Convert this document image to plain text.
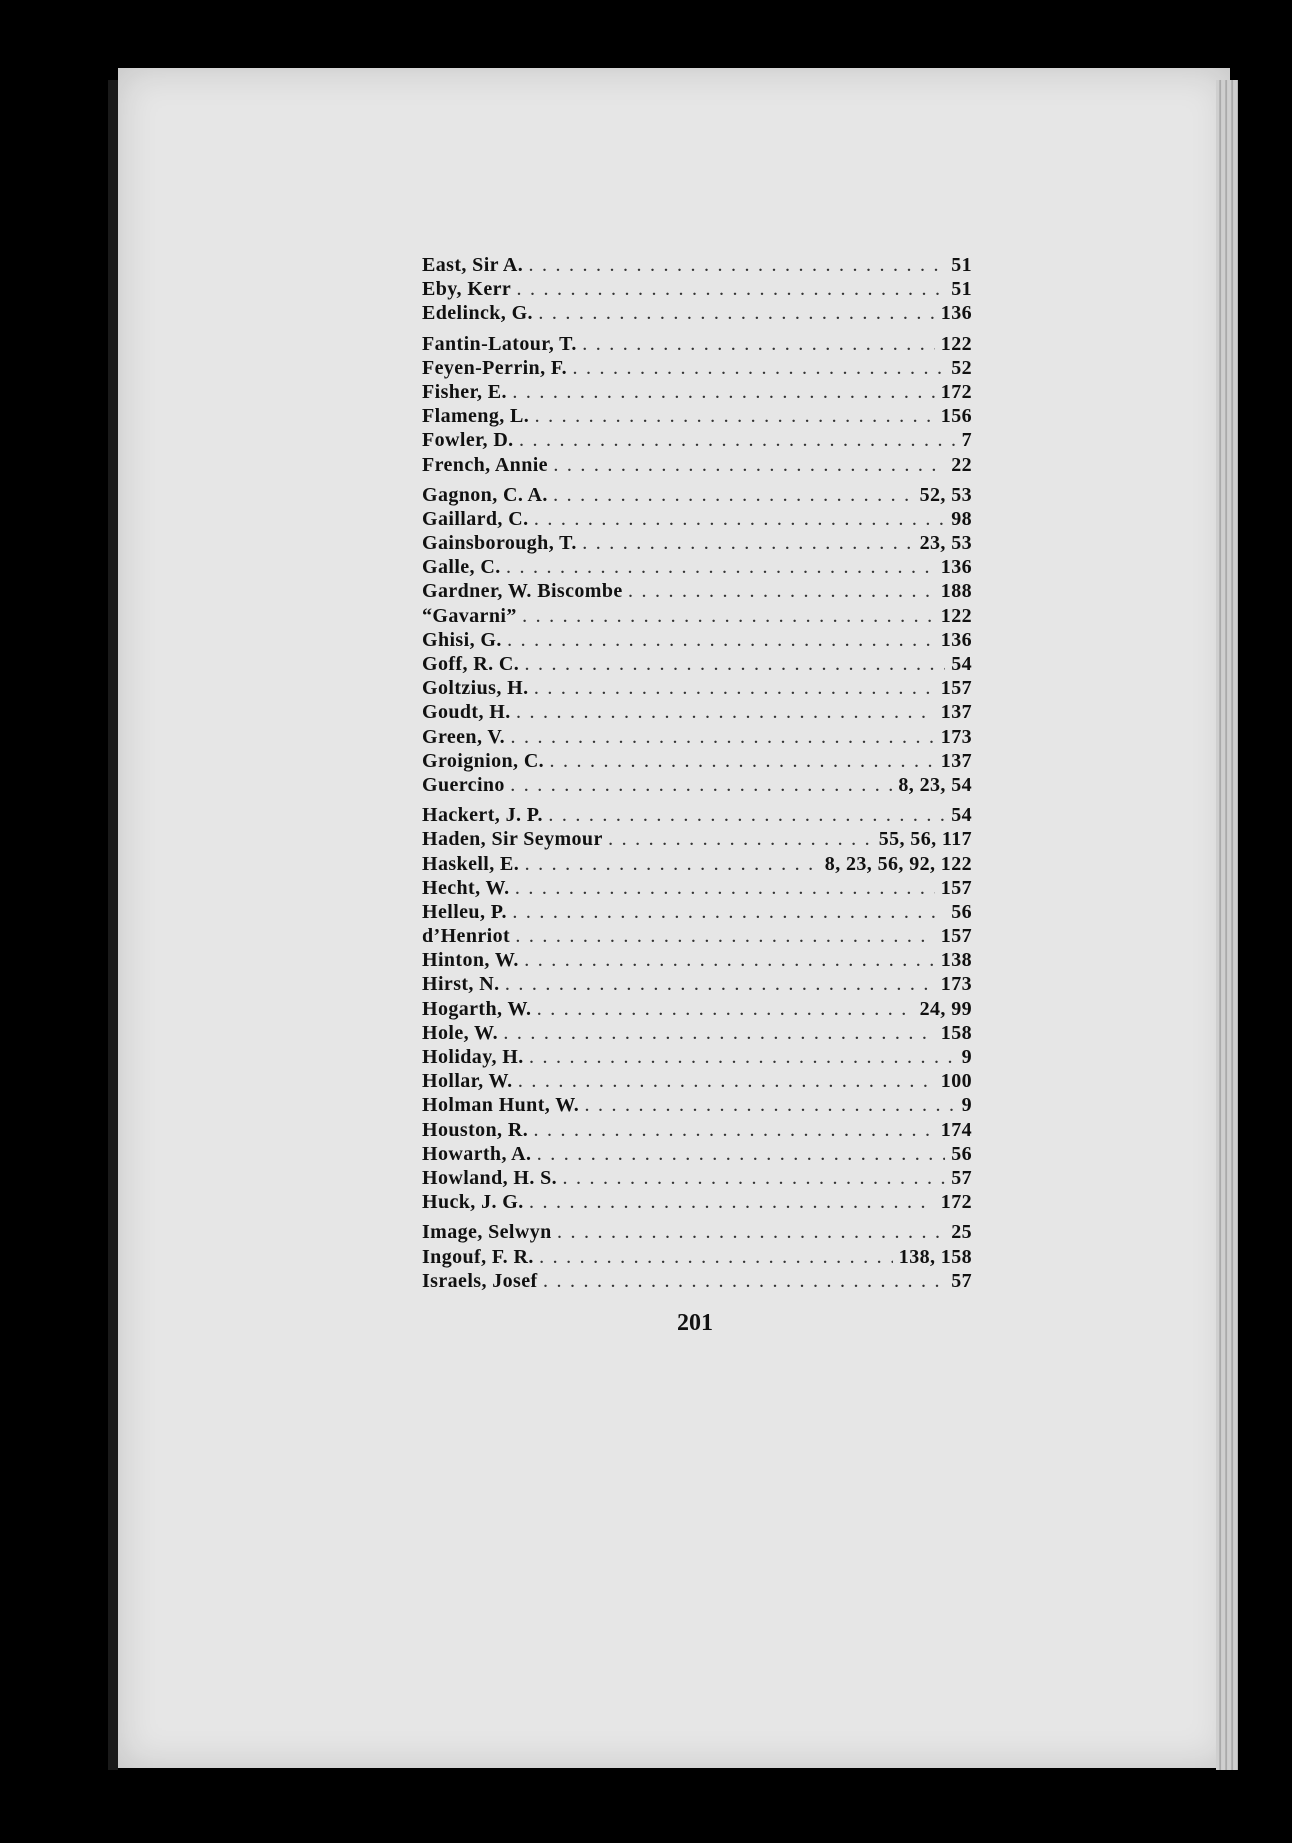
East, Sir A. . . .	51
Eby, Kerr . . .	51
Edelinck, G. . . .	136
Fantin-Latour, T. . . .	122
Feyen-Perrin, F. . . .	52
Fisher, E. . . .	172
Flameng, L. . . .	156
Fowler, D. . . .	7
French, Annie . . .	22
Gagnon, C. A. . . .	52, 53
Gaillard, C. . . .	98
Gainsborough, T. . . .	23, 53
Galle, C. . . .	136
Gardner, W. Biscombe . . .	188
“Gavarni” . . .	122
Ghisi, G. . . .	136
Goff, R. C. . . .	54
Goltzius, H. . . .	157
Goudt, H. . . .	137
Green, V. . . .	173
Groignion, C. . . .	137
Guercino . . .	8, 23, 54
Hackert, J. P. . . .	54
Haden, Sir Seymour . . .	55, 56, 117
Haskell, E. . . .	8, 23, 56, 92, 122
Hecht, W. . . .	157
Helleu, P. . . .	56
d’Henriot . . .	157
Hinton, W. . . .	138
Hirst, N. . . .	173
Hogarth, W. . . .	24, 99
Hole, W. . . .	158
Holiday, H. . . .	9
Hollar, W. . . .	100
Holman Hunt, W. . . .	9
Houston, R. . . .	174
Howarth, A. . . .	56
Howland, H. S. . . .	57
Huck, J. G. . . .	172
Image, Selwyn . . .	25
Ingouf, F. R. . . .	138, 158
Israels, Josef . . .	57
201
